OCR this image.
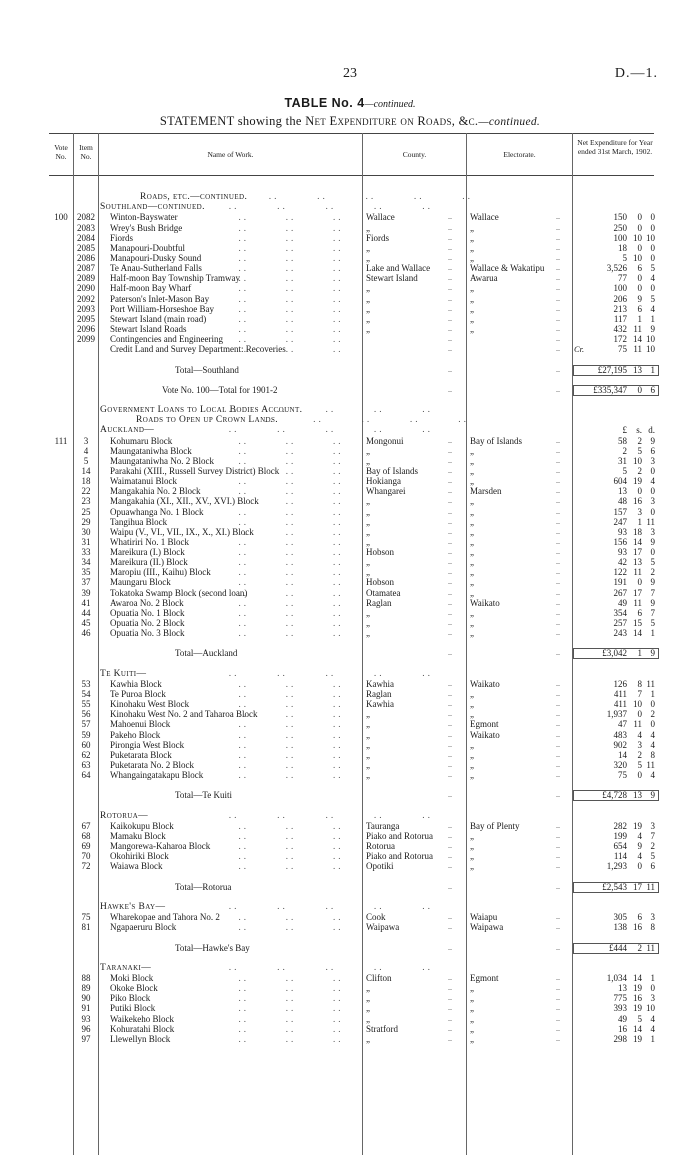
23	D.—1.
TABLE No. 4—continued.
STATEMENT showing the Net Expenditure on Roads, &c.—continued.
Vote No.
Item No.	Name of Work.	County.	Electorate.
Net Expenditure for Year ended 31st March, 1902.
Roads, etc.—continued. ..
Southland—continued. ..
100	2082	Winton-Bayswater ..	Wallace	.. Wallace	..	150	0 0
2083	Wrey's Bush Bridge ..	„	.. „	..	250	0 0
2084	Fiords ..	Fiords	.. „	..	100 10 10
2085	Manapouri-Doubtful ..	„	.. „	..	18	0 0
2086	Manapouri-Dusky Sound ..	„	.. „	..	5 10 0
2087	Te Anau-Sutherland Falls ..	Lake and Wallace	.. Wallace & Wakatipu	..	3,526	6 5
2089	Half-moon Bay Township Tramway ..	Stewart Island	.. Awarua	..	77	0 4
2090	Half-moon Bay Wharf ..	„	.. „	..	100	0 0
2092	Paterson's Inlet-Mason Bay ..	„	.. „	..	206	9 5
2093	Port William-Horseshoe Bay ..	„	.. „	..	213	6 4
2095	Stewart Island (main road) ..	„	.. „	..	117	1 1
2096	Stewart Island Roads ..	„	.. „	..	432 11 9
2099	Contingencies and Engineering ..	..	..	172 14 10
Credit Land and Survey Department: Recoveries ..	..	.. Cr.	75 11 10
Total—Southland	..	..	£27,195 13 1
Vote No. 100—Total for 1901-2	..	..	£335,347	0 6
Government Loans to Local Bodies Account. ..
Roads to Open up Crown Lands. ..
Auckland— ..	£	s. d.
111	3	Kohumaru Block ..	Mongonui	.. Bay of Islands	..	58	2 9
4	Maungataniwha Block ..	„	.. „	..	2	5 6
5	Maungataniwha No. 2 Block ..	„	.. „	..	31 10 3
14	Parakahi (XIII., Russell Survey District) Block ..	Bay of Islands	.. „	..	5	2 0
18	Waimatanui Block ..	Hokianga	.. „	..	604 19 4
22	Mangakahia No. 2 Block ..	Whangarei	.. Marsden	..	13	0 0
23	Mangakahia (XI., XII., XV., XVI.) Block ..	„	.. „	..	48 16 3
25	Opuawhanga No. 1 Block ..	„	.. „	..	157	3 0
29	Tangihua Block ..	„	.. „	..	247	1 11
30	Waipu (V., VI., VII., IX., X., XI.) Block ..	„	.. „	..	93 18 3
31	Whatiriri No. 1 Block ..	„	.. „	..	156 14 9
33	Mareikura (I.) Block ..	Hobson	.. „	..	93 17 0
34	Mareikura (II.) Block ..	„	.. „	..	42 13 5
35	Maropiu (III., Kaihu) Block ..	„	.. „	..	122 11 2
37	Maungaru Block ..	Hobson	.. „	..	191	0 9
39	Tokatoka Swamp Block (second loan) ..	Otamatea	.. „	..	267 17 7
41	Awaroa No. 2 Block ..	Raglan	.. Waikato	..	49 11 9
44	Opuatia No. 1 Block ..	„	.. „	..	354	6 7
45	Opuatia No. 2 Block ..	„	.. „	..	257 15 5
46	Opuatia No. 3 Block ..	„	.. „	..	243 14 1
Total—Auckland	..	..	£3,042	1 9
Te Kuiti— ..
53	Kawhia Block ..	Kawhia	.. Waikato	..	126	8 11
54	Te Puroa Block ..	Raglan	.. „	..	411	7 1
55	Kinohaku West Block ..	Kawhia	.. „	..	411 10 0
56	Kinohaku West No. 2 and Taharoa Block ..	„	.. „	..	1,937	0 2
57	Mahoenui Block ..	„	.. Egmont	..	47 11 0
59	Pakeho Block ..	„	.. Waikato	..	483	4 4
60	Pirongia West Block ..	„	.. „	..	902	3 4
62	Puketarata Block ..	„	.. „	..	14	2 8
63	Puketarata No. 2 Block ..	„	.. „	..	320	5 11
64	Whangaingatakapu Block ..	„	.. „	..	75	0 4
Total—Te Kuiti	..	..	£4,728 13 9
Rotorua— ..
67	Kaikokupu Block ..	Tauranga	.. Bay of Plenty	..	282 19 3
68	Mamaku Block ..	Piako and Rotorua	.. „	..	199	4 7
69	Mangorewa-Kaharoa Block ..	Rotorua	.. „	..	654	9 2
70	Okohiriki Block ..	Piako and Rotorua	.. „	..	114	4 5
72	Waiawa Block ..	Opotiki	.. „	..	1,293	0 6
Total—Rotorua	..	..	£2,543 17 11
Hawke's Bay— ..
75	Wharekopae and Tahora No. 2 ..	Cook	.. Waiapu	..	305	6 3
81	Ngapaeruru Block ..	Waipawa	.. Waipawa	..	138 16 8
Total—Hawke's Bay	..	..	£444	2 11
Taranaki— ..
88	Moki Block ..	Clifton	.. Egmont	..	1,034 14 1
89	Okoke Block ..	„	.. „	..	13 19 0
90	Piko Block ..	„	.. „	..	775 16 3
91	Putiki Block ..	„	.. „	..	393 19 10
93	Waikekeho Block ..	„	.. „	..	49	5 4
96	Kohuratahi Block ..	Stratford	.. „	..	16 14 4
97	Llewellyn Block ..	„	.. „	..	298 19 1
